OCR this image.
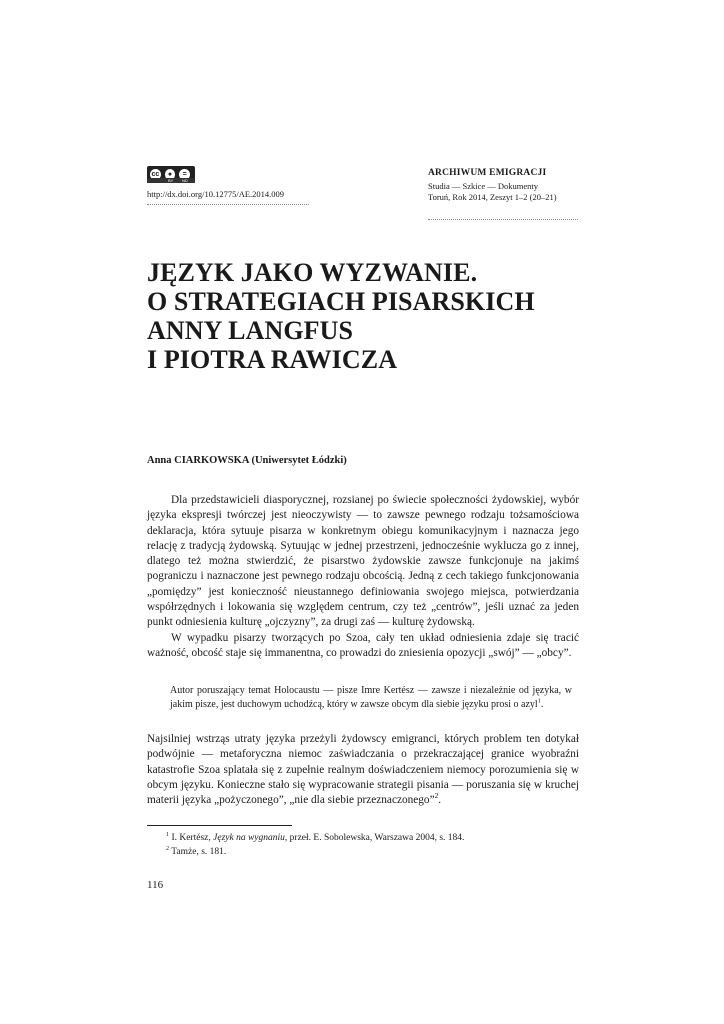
cc	●	=
BY ND
http://dx.doi.org/10.12775/AE.2014.009
ARCHIWUM EMIGRACJI
Studia — Szkice — Dokumenty
Toruń, Rok 2014, Zeszyt 1–2 (20–21)
JĘZYK JAKO WYZWANIE.
O STRATEGIACH PISARSKICH
ANNY LANGFUS
I PIOTRA RAWICZA
Anna CIARKOWSKA (Uniwersytet Łódzki)

Dla przedstawicieli diasporycznej, rozsianej po świecie społeczności żydowskiej, wybór języka ekspresji twórczej jest nieoczywisty — to zawsze pewnego rodzaju tożsamościowa deklaracja, która sytuuje pisarza w konkretnym obiegu komunikacyjnym i naznacza jego relację z tradycją żydowską. Sytuując w jednej przestrzeni, jednocześnie wyklucza go z innej, dlatego też można stwierdzić, że pisarstwo żydowskie zawsze funkcjonuje na jakimś pograniczu i naznaczone jest pewnego rodzaju obcością. Jedną z cech takiego funkcjonowania „pomiędzy” jest konieczność nieustannego definiowania swojego miejsca, potwierdzania współrzędnych i lokowania się względem centrum, czy też „centrów”, jeśli uznać za jeden punkt odniesienia kulturę „ojczyzny”, za drugi zaś — kulturę żydowską.

W wypadku pisarzy tworzących po Szoa, cały ten układ odniesienia zdaje się tracić ważność, obcość staje się immanentna, co prowadzi do zniesienia opozycji „swój” — „obcy”.

Autor poruszający temat Holocaustu — pisze Imre Kertész — zawsze i niezależnie od języka, w jakim pisze, jest duchowym uchodźcą, który w zawsze obcym dla siebie języku prosi o azyl$^1$.

Najsilniej wstrząs utraty języka przeżyli żydowscy emigranci, których problem ten dotykał podwójnie — metaforyczna niemoc zaświadczania o przekraczającej granice wyobraźni katastrofie Szoa splatała się z zupełnie realnym doświadczeniem niemocy porozumienia się w obcym języku. Konieczne stało się wypracowanie strategii pisania — poruszania się w kruchej materii języka „pożyczonego”, „nie dla siebie przeznaczonego”$^2$.

$^1$ I. Kertész, Język na wygnaniu, przeł. E. Sobolewska, Warszawa 2004, s. 184.
$^2$ Tamże, s. 181.
116
